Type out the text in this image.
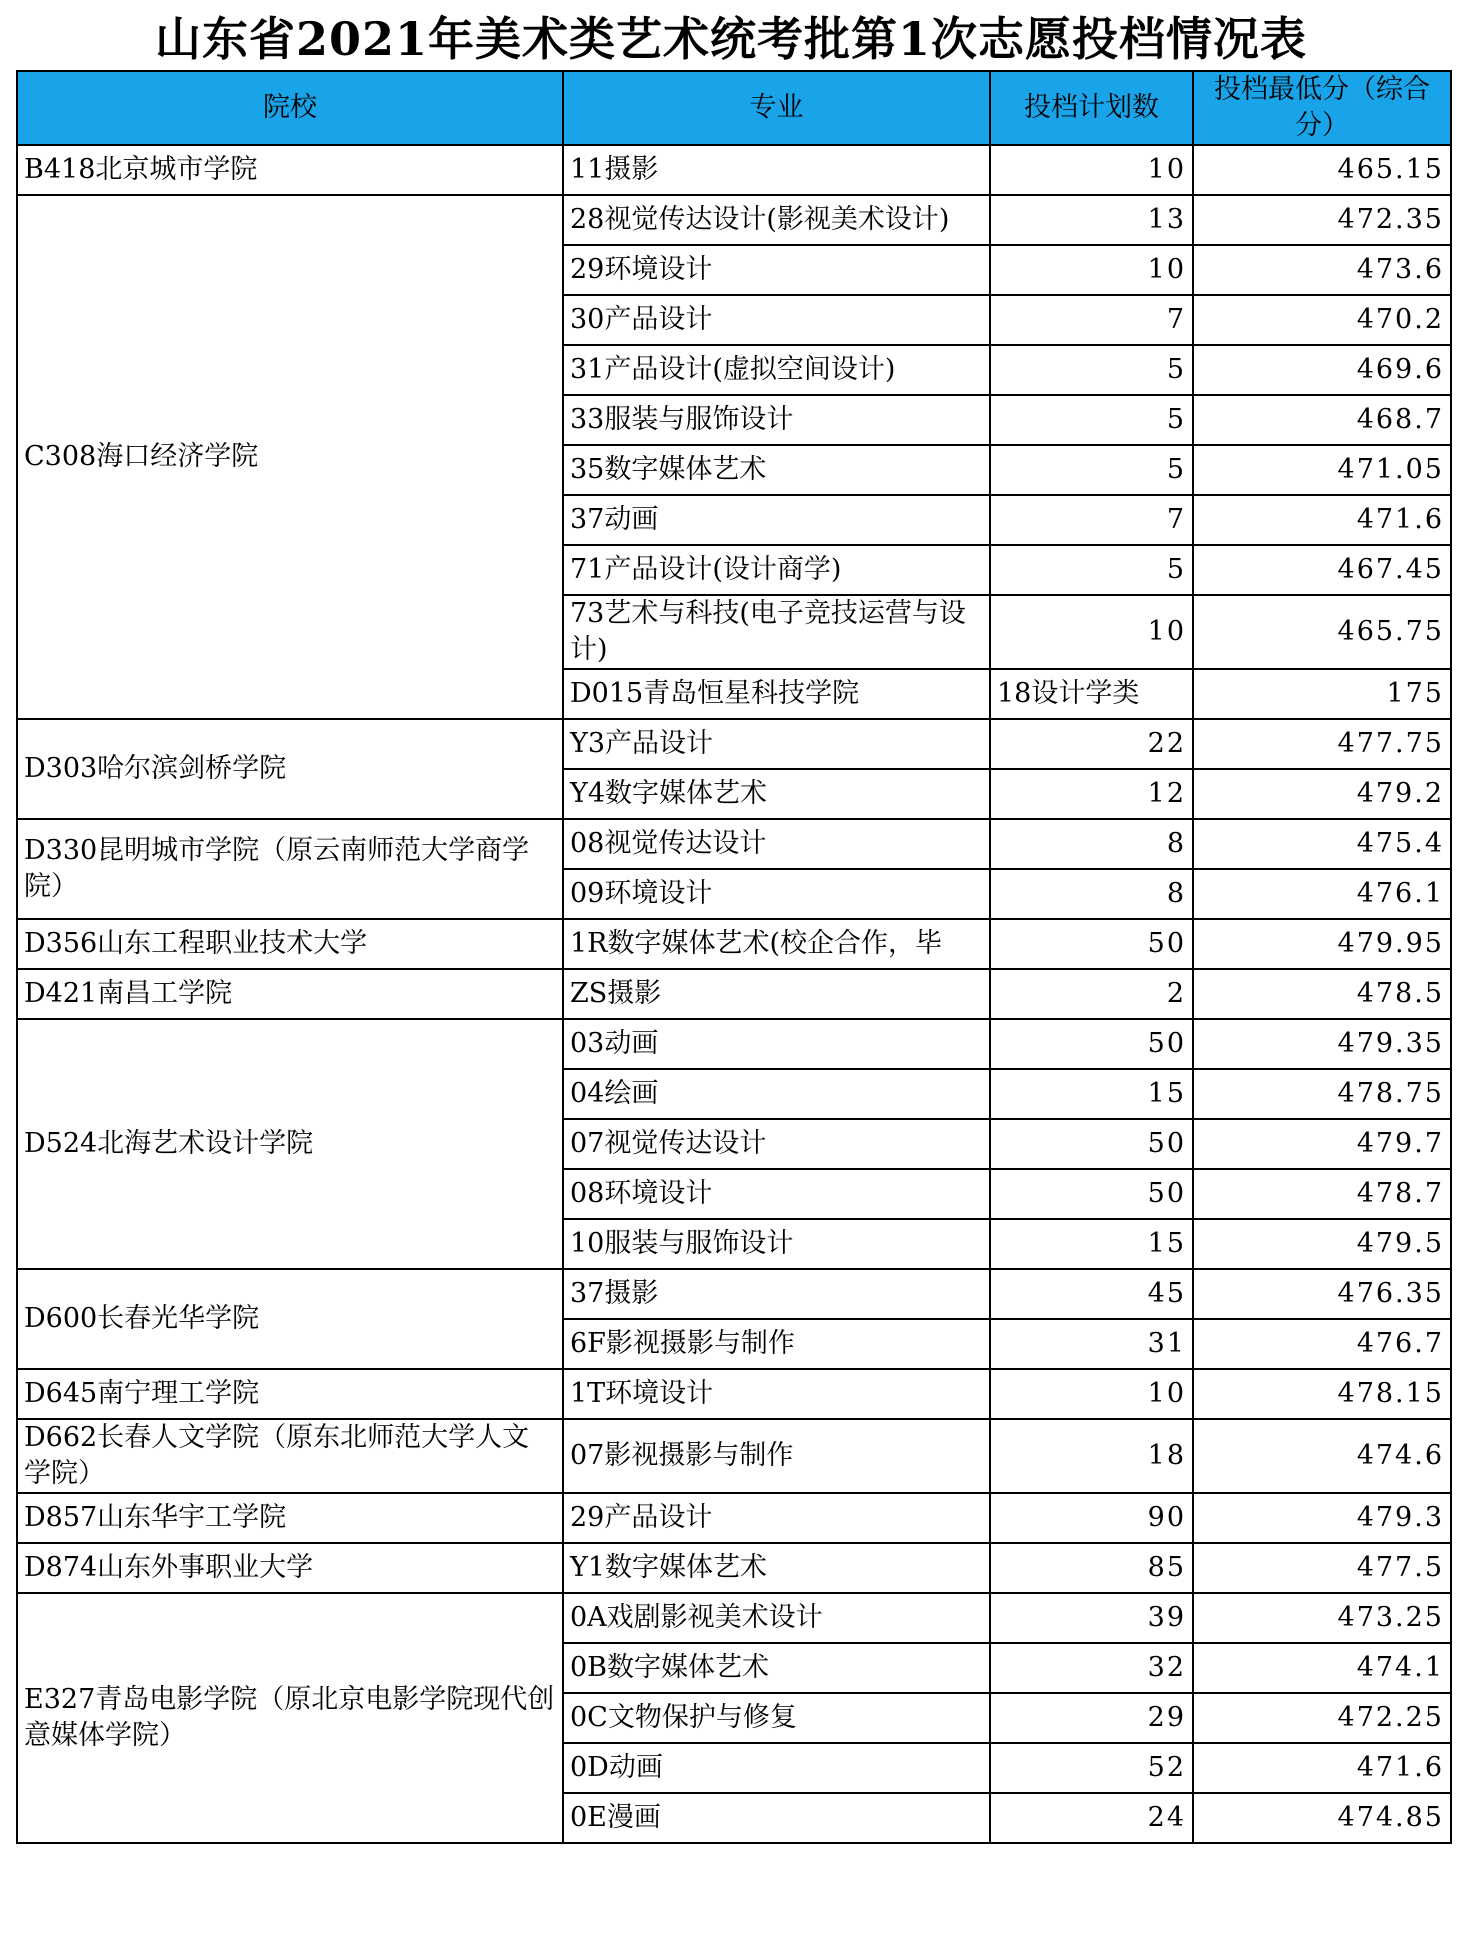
山东省2021年美术类艺术统考批第1次志愿投档情况表
院校	专业	投档计划数	投档最低分（综合分）	
B418北京城市学院	11摄影	10	465.15	
C308海口经济学院	28视觉传达设计(影视美术设计)	13	472.35	
	29环境设计	10	473.6	
	30产品设计	7	470.2	
	31产品设计(虚拟空间设计)	5	469.6	
	33服装与服饰设计	5	468.7	
	35数字媒体艺术	5	471.05	
	37动画	7	471.6	
	71产品设计(设计商学)	5	467.45	
	73艺术与科技(电子竞技运营与设计)	10	465.75	
	D015青岛恒星科技学院	18设计学类	175	
D303哈尔滨剑桥学院	Y3产品设计	22	477.75	
	Y4数字媒体艺术	12	479.2	
D330昆明城市学院（原云南师范大学商学院）	08视觉传达设计	8	475.4	
	09环境设计	8	476.1	
D356山东工程职业技术大学	1R数字媒体艺术(校企合作，毕	50	479.95	
D421南昌工学院	ZS摄影	2	478.5	
D524北海艺术设计学院	03动画	50	479.35	
	04绘画	15	478.75	
	07视觉传达设计	50	479.7	
	08环境设计	50	478.7	
	10服装与服饰设计	15	479.5	
D600长春光华学院	37摄影	45	476.35	
	6F影视摄影与制作	31	476.7	
D645南宁理工学院	1T环境设计	10	478.15	
D662长春人文学院（原东北师范大学人文学院）	07影视摄影与制作	18	474.6	
D857山东华宇工学院	29产品设计	90	479.3	
D874山东外事职业大学	Y1数字媒体艺术	85	477.5	
E327青岛电影学院（原北京电影学院现代创意媒体学院）	0A戏剧影视美术设计	39	473.25	
	0B数字媒体艺术	32	474.1	
	0C文物保护与修复	29	472.25	
	0D动画	52	471.6	
	0E漫画	24	474.85	
